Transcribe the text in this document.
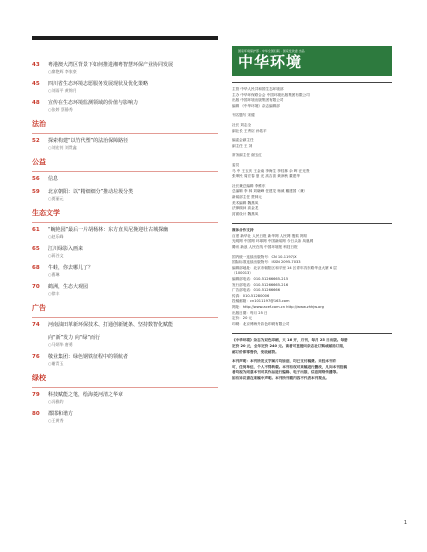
43	粤港澳大湾区背景下如何推进湘粤智慧环保产业协同发展
○廖艳辉 李家豪
45	四川省生态环境志愿服务发展现状及优化策略
○刘雨平 黄锦月
48	宣传在生态环境监测领域的价值与影响力
○张婷 蔡静秀
法治
52	探索构建“以竹代塑”的法治保障路径
○刘宏钊 刘贯鑫
公益
56	信息
59	北京朝阳：以“精细细分”推动垃圾分类
○贾丽元
生态文学
61	“蜿艳园”最后一片胡杨林：东方直贝尼挽迎壮古城探幽
○赵乐峰
65	江川绿影入画来
○蒋谷文
68	牛蛙，你去哪儿了？
○曹琳
70	鹤洲，生态大观园
○徐丰
广告
74	河南油田革新环保技术、打通创新链条、坚持数智化赋能
向“新”发力 向“绿”而行
○马炳华 唐勇
76	敬业集团：绿色钢铁征程中的领航者
○谢青玉
绿校
79	科技赋能之笔，绘海菱河清之华章
○冯雅约
80	郡邯和谐方
○王黄秀
国家环境保护部 · 中华全国妇联 · 国家发改委 出品
中华环境
主管 中华人民共和国生态环境部
主办 中华环保联合会 中国环境出版集团有限公司
出版 中国环境出版集团有限公司
编辑 《中华环境》杂志编辑部
刊名题写 宋健
社长 刘志全
副社长 王秀臣 孙佑平
编委会副主任
副主任 王 刘
常务副主任 谢玉红
委员
马 中 王玉庆 王金南 李海生 李桂林 余 晖 汪光焘
张坤民 周宏春 夏 光 高吉喜 黄润秋 董建华
社长兼总编辑 李维东
总编辑 李 林 刘晓峰 任建龙 杨威 戴建国（兼）
新闻部主任 贾林元
美术编辑 魏燕凤
法律顾问 高金龙
封面设计 魏燕凤
媒体合作支持
百度 新华社 人民日报 新华网 人民网 搜狐 网易
光明网 中国网 环球网 中国新闻网 今日头条 凤凰网
腾讯 新浪 人民在线 中国环境报 科技日报
国内统一连续出版物号：CN 10-1197/X
国际标准连续出版物号：ISSN 2095-7033
编辑部地址：北京市朝阳区和平里 14 区青年沟东路华业大厦 6 层
（100013）
编辑部电话：010-51266665-215
发行部电话：010-51266665-216
广告部电话：010-51266666
传真：010-51280006
投稿邮箱：cn1011197@163.com
网址：http://www.acef.com.cn http://www.zhhjw.org
出版日期：每月 25 日
定价：20 元
印刷：北京博海升彩色印刷有限公司
《中华环境》杂志为双色印刷，大 16 开，月刊，每月 25 日出版。每册
定价 20 元，全年定价 240 元。读者可直接向杂志社订购或邮局订阅，
邮订价即零售价，免收邮资。
本刊声明：本刊所发文字图片均原创，均已支付稿费。未经本刊许
可，任何单位、个人不得转载。本刊有权对来稿进行删改，凡向本刊投稿
者均视为同意本刊对其作品进行编辑、电子出版、信息网络传播等。
如有异议请在来稿中声明。本刊所刊载内容不代表本刊观点。
1
